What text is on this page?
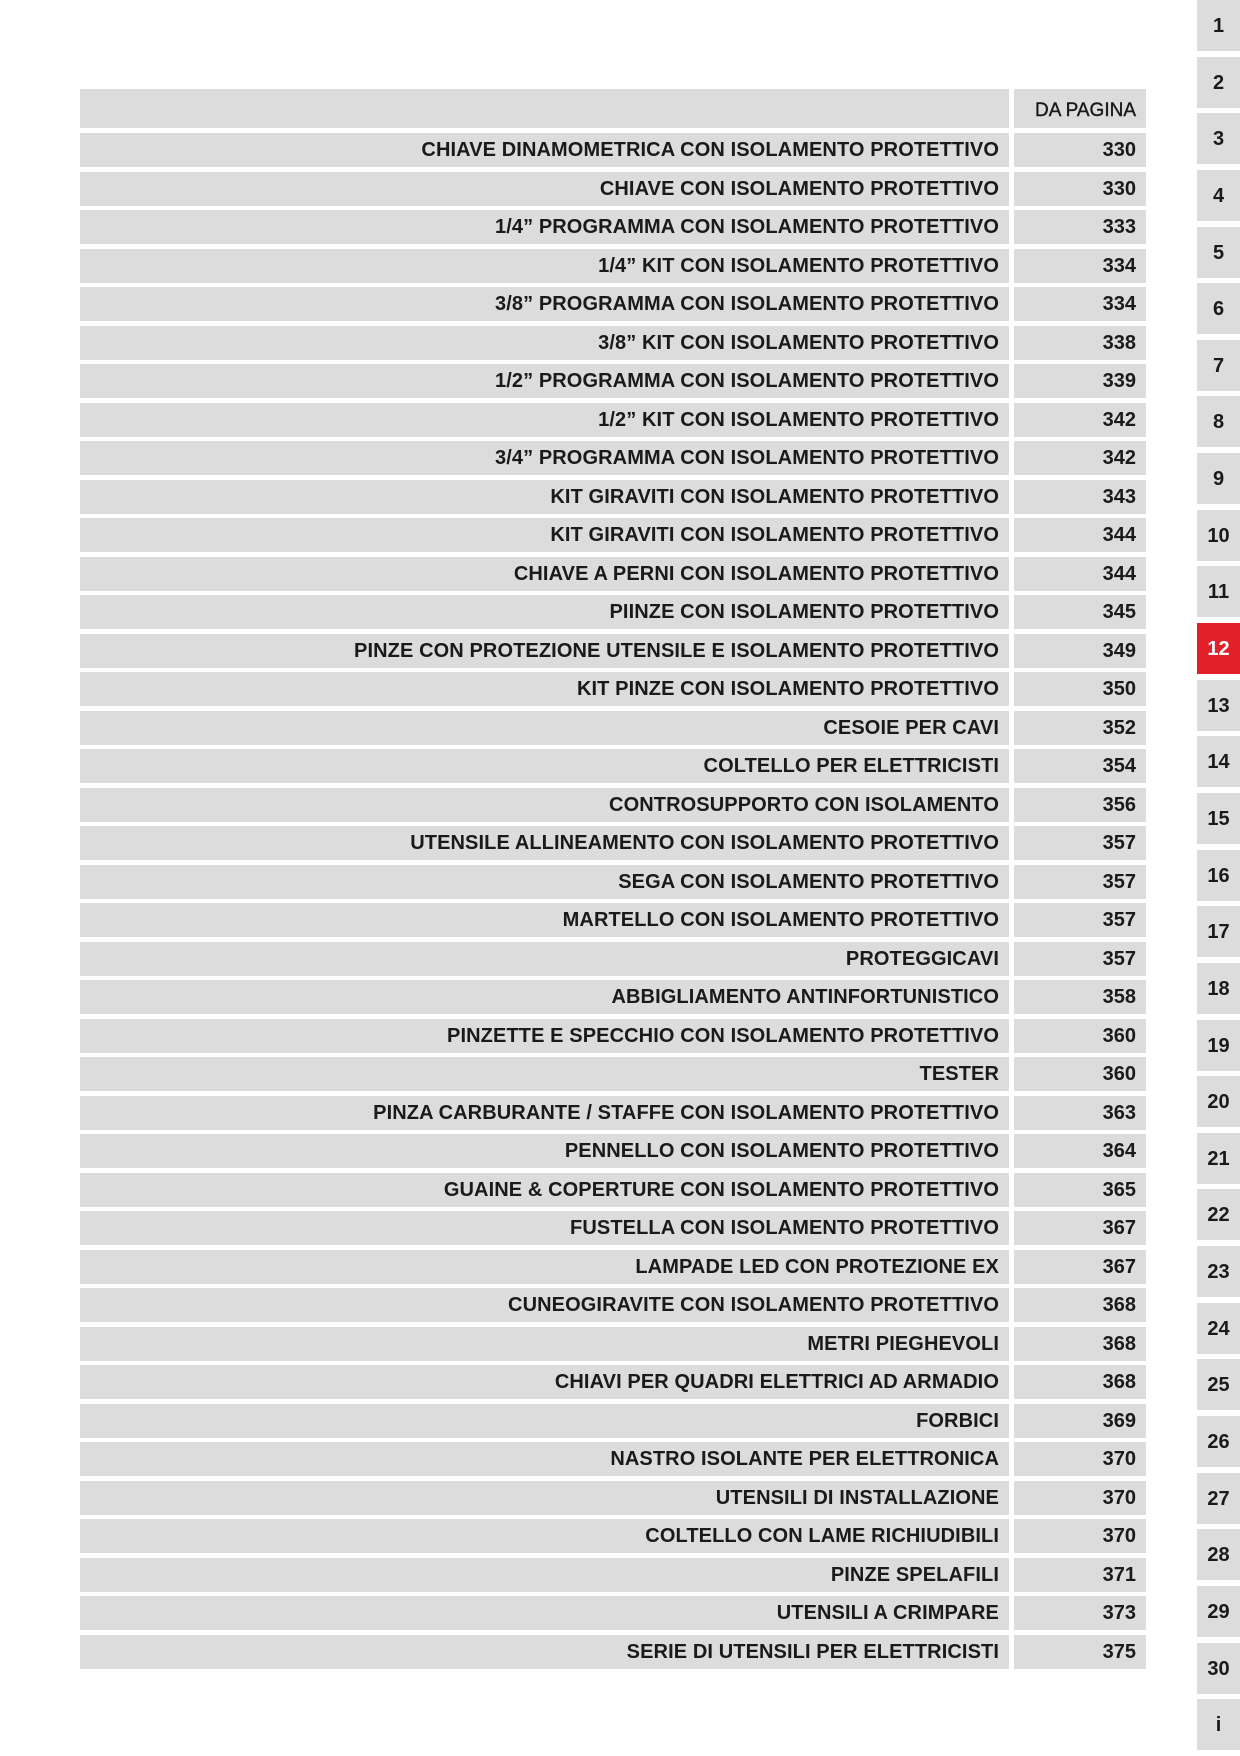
DA PAGINA
CHIAVE DINAMOMETRICA CON ISOLAMENTO PROTETTIVO	330
CHIAVE CON ISOLAMENTO PROTETTIVO	330
1/4” PROGRAMMA CON ISOLAMENTO PROTETTIVO	333
1/4” KIT CON ISOLAMENTO PROTETTIVO	334
3/8” PROGRAMMA CON ISOLAMENTO PROTETTIVO	334
3/8” KIT CON ISOLAMENTO PROTETTIVO	338
1/2” PROGRAMMA CON ISOLAMENTO PROTETTIVO	339
1/2” KIT CON ISOLAMENTO PROTETTIVO	342
3/4” PROGRAMMA CON ISOLAMENTO PROTETTIVO	342
KIT GIRAVITI CON ISOLAMENTO PROTETTIVO	343
KIT GIRAVITI CON ISOLAMENTO PROTETTIVO	344
CHIAVE A PERNI CON ISOLAMENTO PROTETTIVO	344
PIINZE CON ISOLAMENTO PROTETTIVO	345
PINZE CON PROTEZIONE UTENSILE E ISOLAMENTO PROTETTIVO	349
KIT PINZE CON ISOLAMENTO PROTETTIVO	350
CESOIE PER CAVI	352
COLTELLO PER ELETTRICISTI	354
CONTROSUPPORTO CON ISOLAMENTO	356
UTENSILE ALLINEAMENTO CON ISOLAMENTO PROTETTIVO	357
SEGA CON ISOLAMENTO PROTETTIVO	357
MARTELLO CON ISOLAMENTO PROTETTIVO	357
PROTEGGICAVI	357
ABBIGLIAMENTO ANTINFORTUNISTICO	358
PINZETTE E SPECCHIO CON ISOLAMENTO PROTETTIVO	360
TESTER	360
PINZA CARBURANTE / STAFFE CON ISOLAMENTO PROTETTIVO	363
PENNELLO CON ISOLAMENTO PROTETTIVO	364
GUAINE & COPERTURE CON ISOLAMENTO PROTETTIVO	365
FUSTELLA CON ISOLAMENTO PROTETTIVO	367
LAMPADE LED CON PROTEZIONE EX	367
CUNEOGIRAVITE CON ISOLAMENTO PROTETTIVO	368
METRI PIEGHEVOLI	368
CHIAVI PER QUADRI ELETTRICI AD ARMADIO	368
FORBICI	369
NASTRO ISOLANTE PER ELETTRONICA	370
UTENSILI DI INSTALLAZIONE	370
COLTELLO CON LAME RICHIUDIBILI	370
PINZE SPELAFILI	371
UTENSILI A CRIMPARE	373
SERIE DI UTENSILI PER ELETTRICISTI	375
1
2
3
4
5
6
7
8
9
10
11
12
13
14
15
16
17
18
19
20
21
22
23
24
25
26
27
28
29
30
i
